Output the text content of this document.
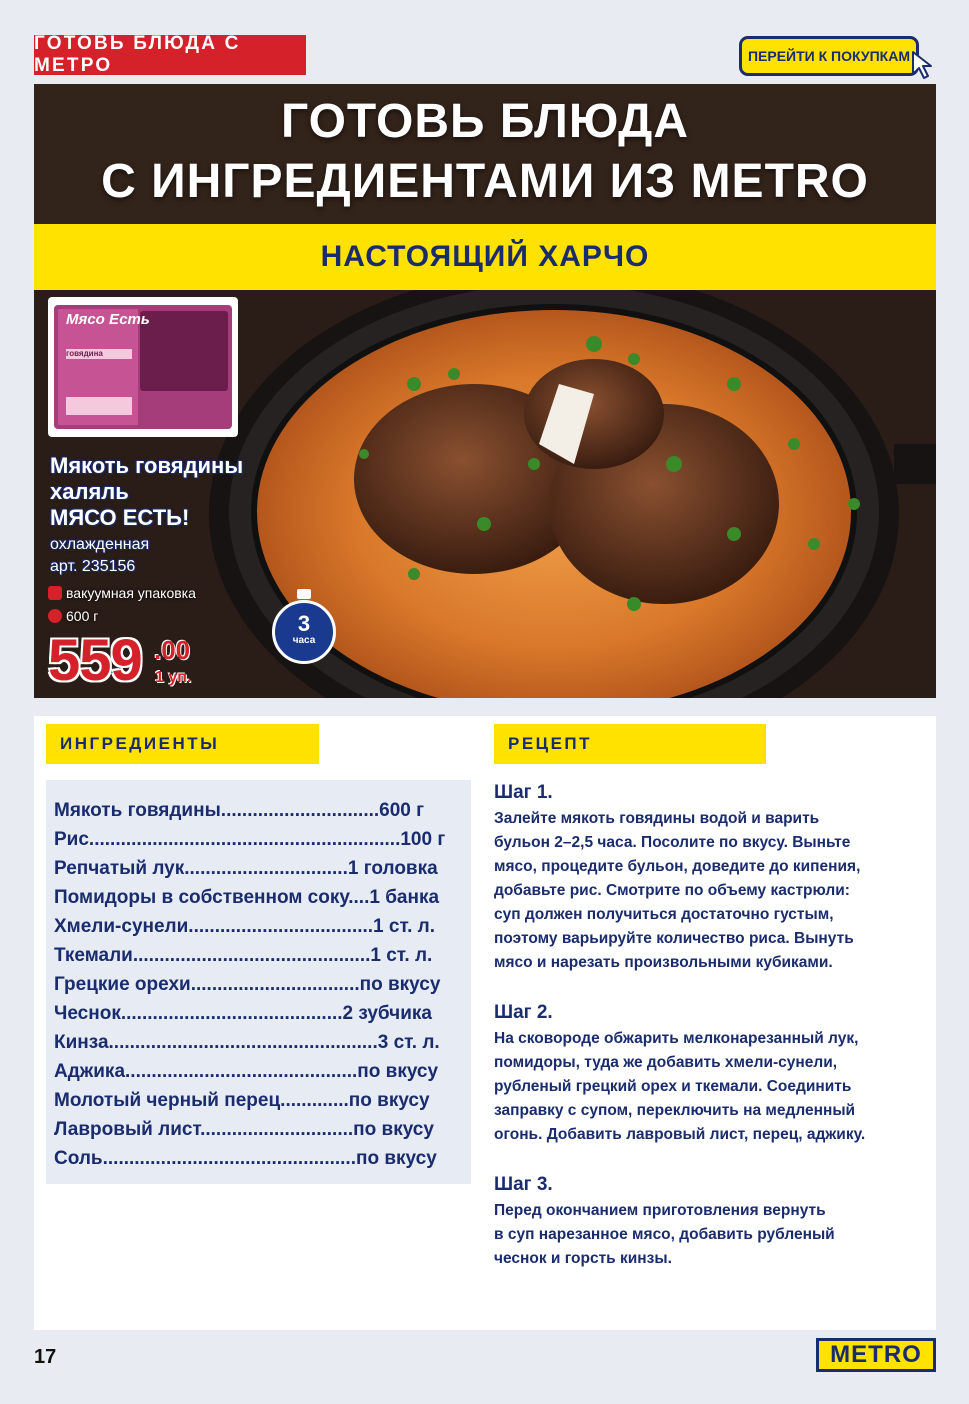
ГОТОВЬ БЛЮДА С МЕТРО	ПЕРЕЙТИ К ПОКУПКАМ
ГОТОВЬ БЛЮДА
С ИНГРЕДИЕНТАМИ ИЗ METRO
НАСТОЯЩИЙ ХАРЧО
Мясо Есть
говядина
Мякоть говядины
халяль
МЯСО ЕСТЬ!
охлажденная
арт. 235156
вакуумная упаковка
600 г
559 .00
1 уп.
3
часа
ИНГРЕДИЕНТЫ	РЕЦЕПТ
Мякоть говядины..............................600 г
Рис...........................................................100 г
Репчатый лук...............................1 головка
Помидоры в собственном соку....1 банка
Хмели-сунели...................................1 ст. л.
Ткемали.............................................1 ст. л.
Грецкие орехи................................по вкусу
Чеснок..........................................2 зубчика
Кинза...................................................3 ст. л.
Аджика............................................по вкусу
Молотый черный перец.............по вкусу
Лавровый лист.............................по вкусу
Соль................................................по вкусу
Шаг 1.
Залейте мякоть говядины водой и варить
бульон 2–2,5 часа. Посолите по вкусу. Выньте
мясо, процедите бульон, доведите до кипения,
добавьте рис. Смотрите по объему кастрюли:
суп должен получиться достаточно густым,
поэтому варьируйте количество риса. Вынуть
мясо и нарезать произвольными кубиками.
Шаг 2.
На сковороде обжарить мелконарезанный лук,
помидоры, туда же добавить хмели-сунели,
рубленый грецкий орех и ткемали. Соединить
заправку с супом, переключить на медленный
огонь. Добавить лавровый лист, перец, аджику.
Шаг 3.
Перед окончанием приготовления вернуть
в суп нарезанное мясо, добавить рубленый
чеснок и горсть кинзы.
17	METRO
